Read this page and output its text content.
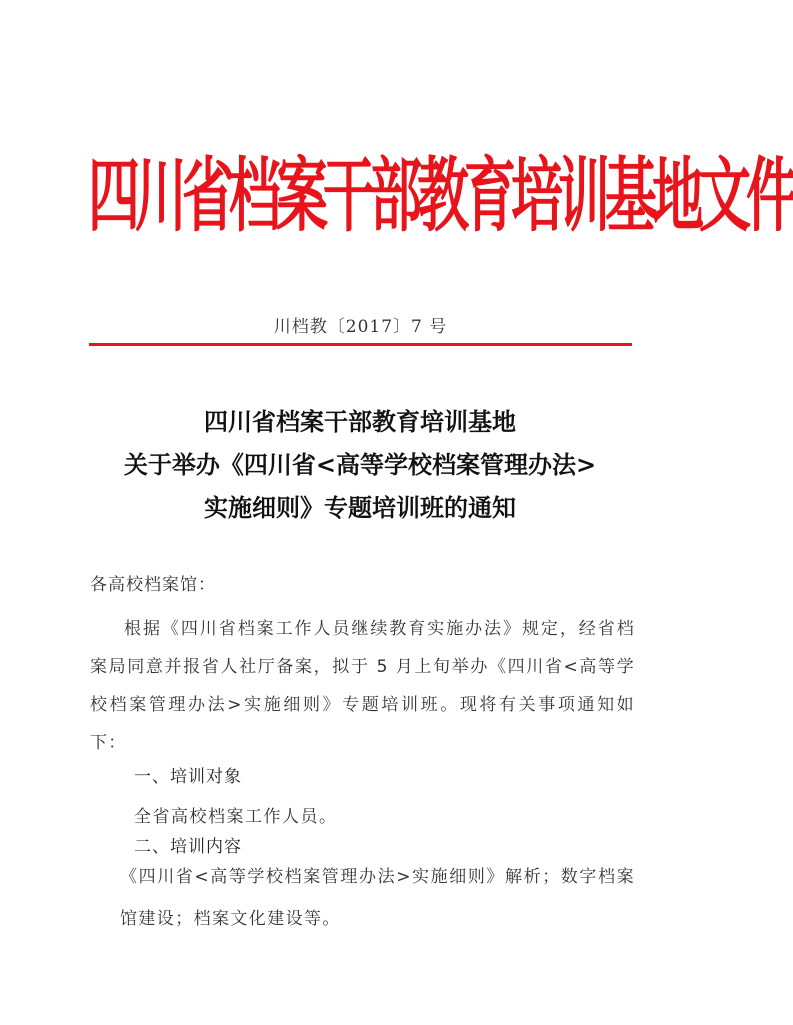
四川省档案干部教育培训基地文件
川档教〔2017〕7 号
四川省档案干部教育培训基地
关于举办《四川省<高等学校档案管理办法>
实施细则》专题培训班的通知
各高校档案馆：
根据《四川省档案工作人员继续教育实施办法》规定，经省档案局同意并报省人社厅备案，拟于 5 月上旬举办《四川省<高等学校档案管理办法>实施细则》专题培训班。现将有关事项通知如下：
一、培训对象
全省高校档案工作人员。
二、培训内容
《四川省<高等学校档案管理办法>实施细则》解析；数字档案馆建设；档案文化建设等。
